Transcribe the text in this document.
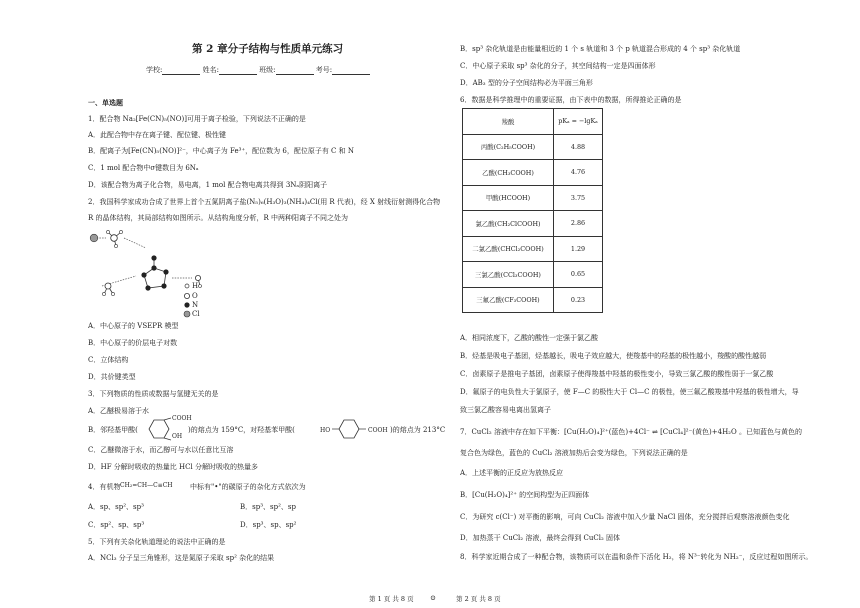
第 2 章分子结构与性质单元练习
学校:	姓名:	班级:	考号:
一、单选题
1．配合物 Na₂[Fe(CN)₅(NO)]可用于离子检验，下列说法不正确的是
A．此配合物中存在离子键、配位键、极性键
B．配离子为[Fe(CN)₅(NO)]²⁻，中心离子为 Fe³⁺，配位数为 6，配位原子有 C 和 N
C．1 mol 配合物中σ键数目为 6Nₐ
D．该配合物为离子化合物，易电离，1 mol 配合物电离共得到 3Nₐ阴阳离子
2．我国科学家成功合成了世界上首个五氮阴离子盐(N₅)₆(H₃O)₃(NH₄)₄Cl(用 R 代表)，经 X 射线衍射测得化合物
R 的晶体结构，其局部结构如图所示。从结构角度分析，R 中两种阳离子不同之处为
H
O
N
Cl
A．中心原子的 VSEPR 模型
B．中心原子的价层电子对数
C．立体结构
D．共价键类型
3．下列物质的性质或数据与氢键无关的是
A．乙醚极易溶于水
B．邻羟基甲酸(
COOH
OH
)的熔点为 159°C，对羟基苯甲酸(	HO	COOH )的熔点为 213°C
C．乙醚微溶于水，而乙醇可与水以任意比互溶
D．HF 分解时吸收的热量比 HCl 分解时吸收的热量多
4．有机物 CH₂=CH—C≡CH 中标有"•"的碳原子的杂化方式依次为
A．sp、sp²、sp³	B．sp³、sp²、sp
C．sp²、sp、sp³	D．sp³、sp、sp²
5．下列有关杂化轨道理论的说法中正确的是
A．NCl₃ 分子呈三角锥形，这是氮原子采取 sp² 杂化的结果
B．sp³ 杂化轨道是由能量相近的 1 个 s 轨道和 3 个 p 轨道混合形成的 4 个 sp³ 杂化轨道
C．中心原子采取 sp³ 杂化的分子，其空间结构一定是四面体形
D．AB₃ 型的分子空间结构必为平面三角形
6．数据是科学推理中的重要证据，由下表中的数据，所得推论正确的是
羧酸	pKₐ = −lgKₐ
丙酸(C₂H₅COOH)	4.88
乙酸(CH₃COOH)	4.76
甲酸(HCOOH)	3.75
氯乙酸(CH₂ClCOOH)	2.86
二氯乙酸(CHCl₂COOH)	1.29
三氯乙酸(CCl₃COOH)	0.65
三氟乙酸(CF₃COOH)	0.23
A．相同浓度下，乙酸的酸性一定强于氯乙酸
B．烃基是吸电子基团，烃基越长，吸电子效应越大，使羧基中的羟基的极性越小，羧酸的酸性越弱
C．卤素原子是推电子基团，卤素原子使得羧基中羟基的极性变小，导致三氯乙酸的酸性弱于一氯乙酸
D．氟原子的电负性大于氯原子，使 F—C 的极性大于 Cl—C 的极性，使三氟乙酸羧基中羟基的极性增大，导
致三氯乙酸容易电离出氢离子
7．CuCl₂ 溶液中存在如下平衡：[Cu(H₂O)₄]²⁺(蓝色)+4Cl⁻ ⇌ [CuCl₄]²⁻(黄色)+4H₂O 。已知蓝色与黄色的
复合色为绿色，蓝色的 CuCl₂ 溶液加热后会变为绿色，下列说法正确的是
A．上述平衡的正反应为放热反应
B．[Cu(H₂O)₄]²⁺ 的空间构型为正四面体
C．为研究 c(Cl⁻) 对平衡的影响，可向 CuCl₂ 溶液中加入少量 NaCl 固体，充分搅拌后观察溶液颜色变化
D．加热蒸干 CuCl₂ 溶液，最终会得到 CuCl₂ 固体
8．科学家近期合成了一种配合物，该物质可以在温和条件下活化 H₂，将 N³⁻转化为 NH₂⁻，反应过程如图所示。
第 1 页 共 8 页 ⊙	第 2 页 共 8 页
